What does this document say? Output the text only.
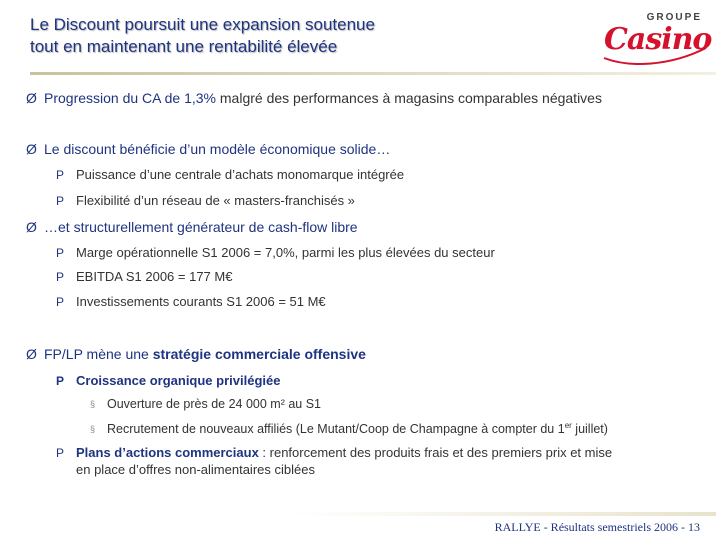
Le Discount poursuit une expansion soutenue
tout en maintenant une rentabilité élevée
GROUPE
Casino
Ø Progression du CA de 1,3% malgré des performances à magasins comparables négatives
Ø Le discount bénéficie d’un modèle économique solide…
P Puissance d’une centrale d’achats monomarque intégrée
P Flexibilité d’un réseau de « masters-franchisés »
Ø …et structurellement générateur de cash-flow libre
P Marge opérationnelle S1 2006 = 7,0%, parmi les plus élevées du secteur
P EBITDA S1 2006 = 177 M€
P Investissements courants S1 2006 = 51 M€
Ø FP/LP mène une stratégie commerciale offensive
P Croissance organique privilégiée
§ Ouverture de près de 24 000 m² au S1
§ Recrutement de nouveaux affiliés (Le Mutant/Coop de Champagne à compter du 1er juillet)
P Plans d’actions commerciaux : renforcement des produits frais et des premiers prix et mise
en place d’offres non-alimentaires ciblées
RALLYE - Résultats semestriels 2006 - 13
